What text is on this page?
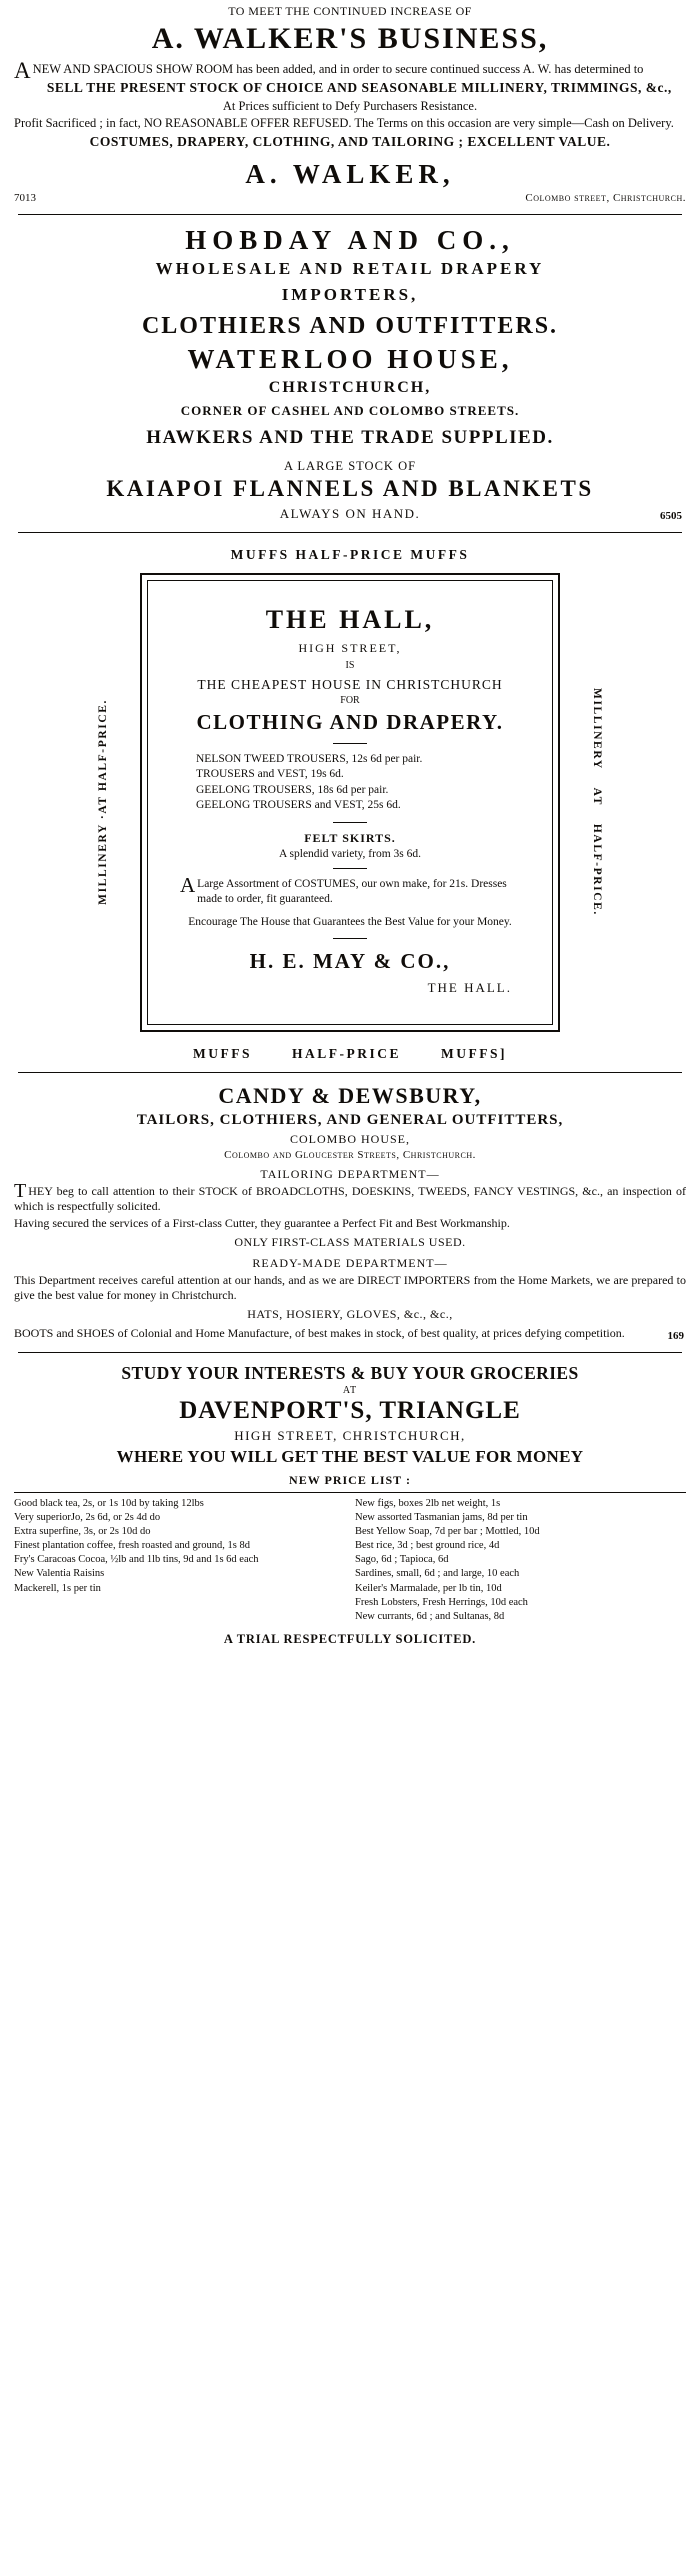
TO MEET THE CONTINUED INCREASE OF
A. WALKER'S BUSINESS,

ANEW AND SPACIOUS SHOW ROOM has been added, and in order to secure continued success A. W. has determined to

SELL THE PRESENT STOCK OF CHOICE AND SEASONABLE MILLINERY, TRIMMINGS, &c.,

At Prices sufficient to Defy Purchasers Resistance.

Profit Sacrificed ; in fact, NO REASONABLE OFFER REFUSED. The Terms on this occasion are very simple—Cash on Delivery.

COSTUMES, DRAPERY, CLOTHING, AND TAILORING ; EXCELLENT VALUE.

A. WALKER,
7013	Colombo street, Christchurch.
HOBDAY AND CO.,
WHOLESALE AND RETAIL DRAPERY
IMPORTERS,
CLOTHIERS AND OUTFITTERS.
WATERLOO HOUSE,
CHRISTCHURCH,
CORNER OF CASHEL AND COLOMBO STREETS.
HAWKERS AND THE TRADE SUPPLIED.
A LARGE STOCK OF
KAIAPOI FLANNELS AND BLANKETS
ALWAYS ON HAND.	6505
MUFFS HALF-PRICE MUFFS
MILLINERY ·AT HALF-PRICE.	MILLINERY    AT    HALF-PRICE.
THE HALL,
HIGH STREET,
IS
THE CHEAPEST HOUSE IN CHRISTCHURCH
FOR
CLOTHING AND DRAPERY.
NELSON TWEED TROUSERS, 12s 6d per pair.
TROUSERS and VEST, 19s 6d.
GEELONG TROUSERS, 18s 6d per pair.
GEELONG TROUSERS and VEST, 25s 6d.
FELT SKIRTS.
A splendid variety, from 3s 6d.
A Large Assortment of COSTUMES, our own make, for 21s. Dresses made to order, fit guaranteed.
Encourage The House that Guarantees the Best Value for your Money.
H. E. MAY & CO.,
THE HALL.
MUFFS	HALF-PRICE	MUFFS]
CANDY & DEWSBURY,
TAILORS, CLOTHIERS, AND GENERAL OUTFITTERS,
COLOMBO HOUSE,
Colombo and Gloucester Streets, Christchurch.
TAILORING DEPARTMENT—
THEY beg to call attention to their STOCK of BROADCLOTHS, DOESKINS, TWEEDS, FANCY VESTINGS, &c., an inspection of which is respectfully solicited.
Having secured the services of a First-class Cutter, they guarantee a Perfect Fit and Best Workmanship.
ONLY FIRST-CLASS MATERIALS USED.
READY-MADE DEPARTMENT—
This Department receives careful attention at our hands, and as we are DIRECT IMPORTERS from the Home Markets, we are prepared to give the best value for money in Christchurch.
HATS, HOSIERY, GLOVES, &c., &c.,
BOOTS and SHOES of Colonial and Home Manufacture, of best makes in stock, of best quality, at prices defying competition.	169
STUDY YOUR INTERESTS & BUY YOUR GROCERIES
AT
DAVENPORT'S, TRIANGLE
HIGH STREET, CHRISTCHURCH,
WHERE YOU WILL GET THE BEST VALUE FOR MONEY
NEW PRICE LIST :
Good black tea, 2s, or 1s 10d by taking 12lbs
Very superiorJo, 2s 6d, or 2s 4d do
Extra superfine, 3s, or 2s 10d do
Finest plantation coffee, fresh roasted and ground, 1s 8d
Fry's Caracoas Cocoa, ½lb and 1lb tins, 9d and 1s 6d each
New Valentia Raisins
Mackerell, 1s per tin
New figs, boxes 2lb net weight, 1s
New assorted Tasmanian jams, 8d per tin
Best Yellow Soap, 7d per bar ; Mottled, 10d
Best rice, 3d ; best ground rice, 4d
Sago, 6d ; Tapioca, 6d
Sardines, small, 6d ; and large, 10 each
Keiler's Marmalade, per lb tin, 10d
Fresh Lobsters, Fresh Herrings, 10d each
New currants, 6d ; and Sultanas, 8d
A TRIAL RESPECTFULLY SOLICITED.
